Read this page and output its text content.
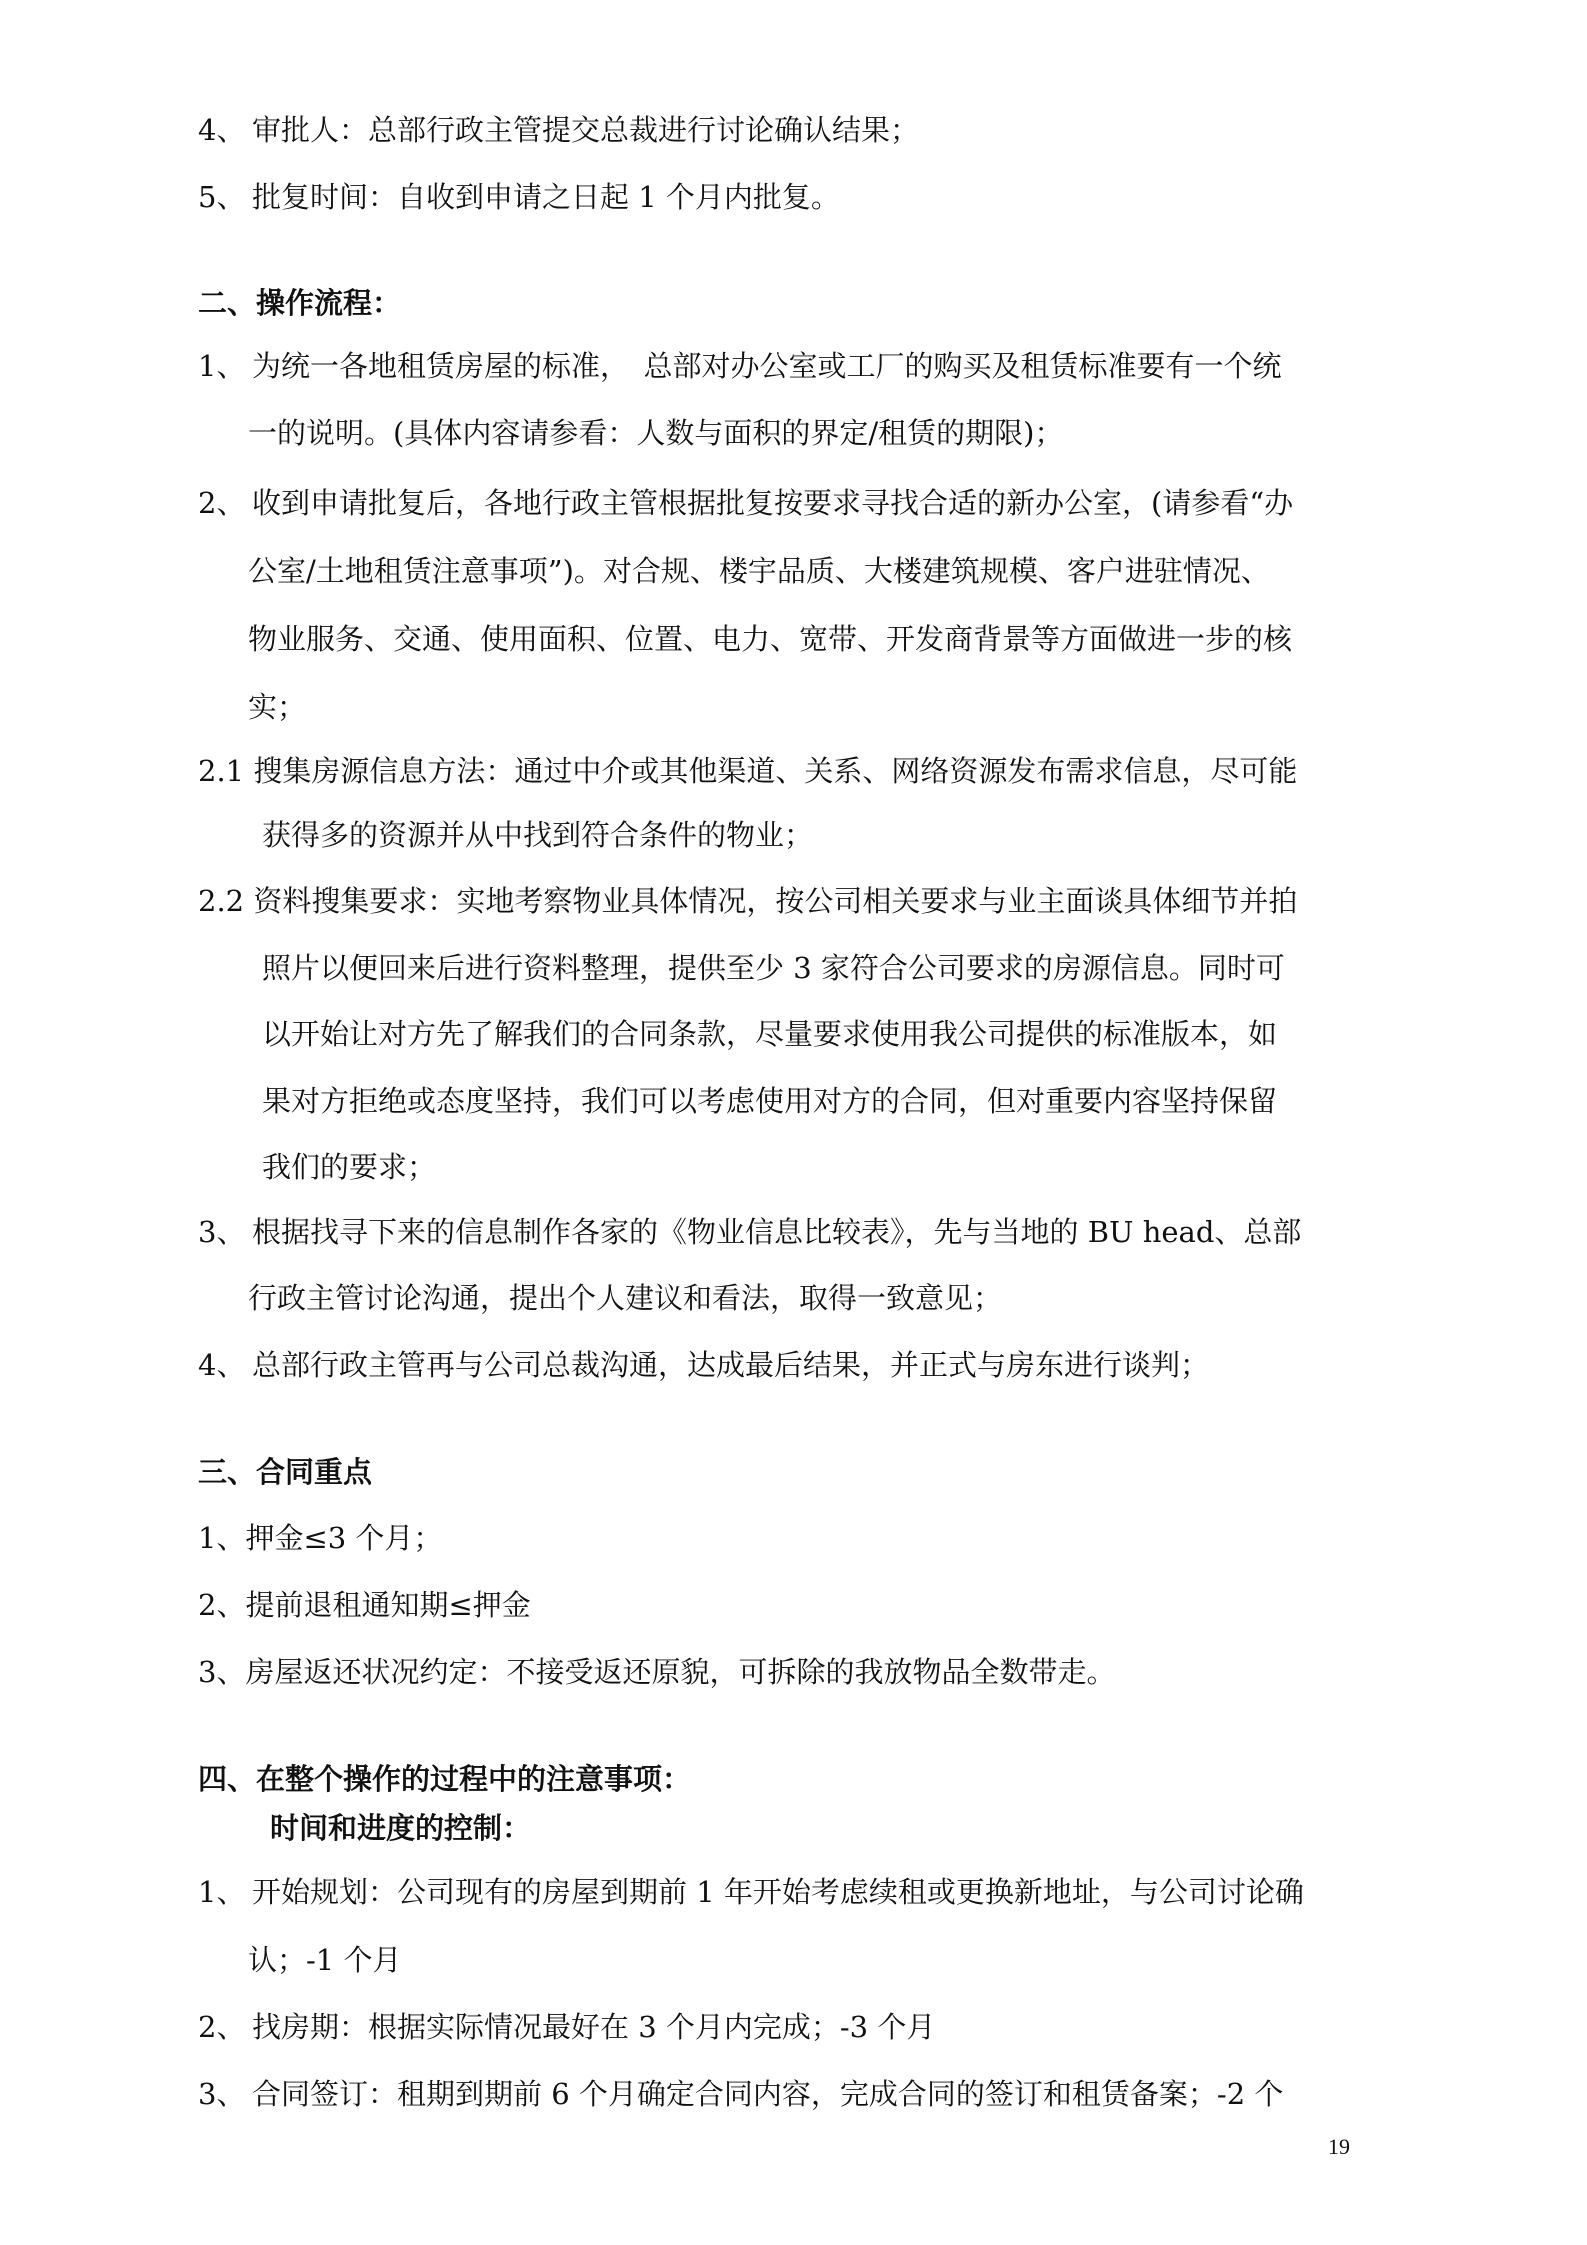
4、 审批人：总部行政主管提交总裁进行讨论确认结果；
5、 批复时间：自收到申请之日起 1 个月内批复。
二、操作流程：
1、 为统一各地租赁房屋的标准，　总部对办公室或工厂的购买及租赁标准要有一个统
一的说明。(具体内容请参看：人数与面积的界定/租赁的期限)；
2、 收到申请批复后，各地行政主管根据批复按要求寻找合适的新办公室，(请参看“办
公室/土地租赁注意事项”)。对合规、楼宇品质、大楼建筑规模、客户进驻情况、
物业服务、交通、使用面积、位置、电力、宽带、开发商背景等方面做进一步的核
实；
2.1 搜集房源信息方法：通过中介或其他渠道、关系、网络资源发布需求信息，尽可能
获得多的资源并从中找到符合条件的物业；
2.2 资料搜集要求：实地考察物业具体情况，按公司相关要求与业主面谈具体细节并拍
照片以便回来后进行资料整理，提供至少 3 家符合公司要求的房源信息。同时可
以开始让对方先了解我们的合同条款，尽量要求使用我公司提供的标准版本，如
果对方拒绝或态度坚持，我们可以考虑使用对方的合同，但对重要内容坚持保留
我们的要求；
3、 根据找寻下来的信息制作各家的《物业信息比较表》，先与当地的 BU head、总部
行政主管讨论沟通，提出个人建议和看法，取得一致意见；
4、 总部行政主管再与公司总裁沟通，达成最后结果，并正式与房东进行谈判；
三、合同重点
1、押金≤3 个月；
2、提前退租通知期≤押金
3、房屋返还状况约定：不接受返还原貌，可拆除的我放物品全数带走。
四、在整个操作的过程中的注意事项：
时间和进度的控制：
1、 开始规划：公司现有的房屋到期前 1 年开始考虑续租或更换新地址，与公司讨论确
认；-1 个月
2、 找房期：根据实际情况最好在 3 个月内完成；-3 个月
3、 合同签订：租期到期前 6 个月确定合同内容，完成合同的签订和租赁备案；-2 个
19
